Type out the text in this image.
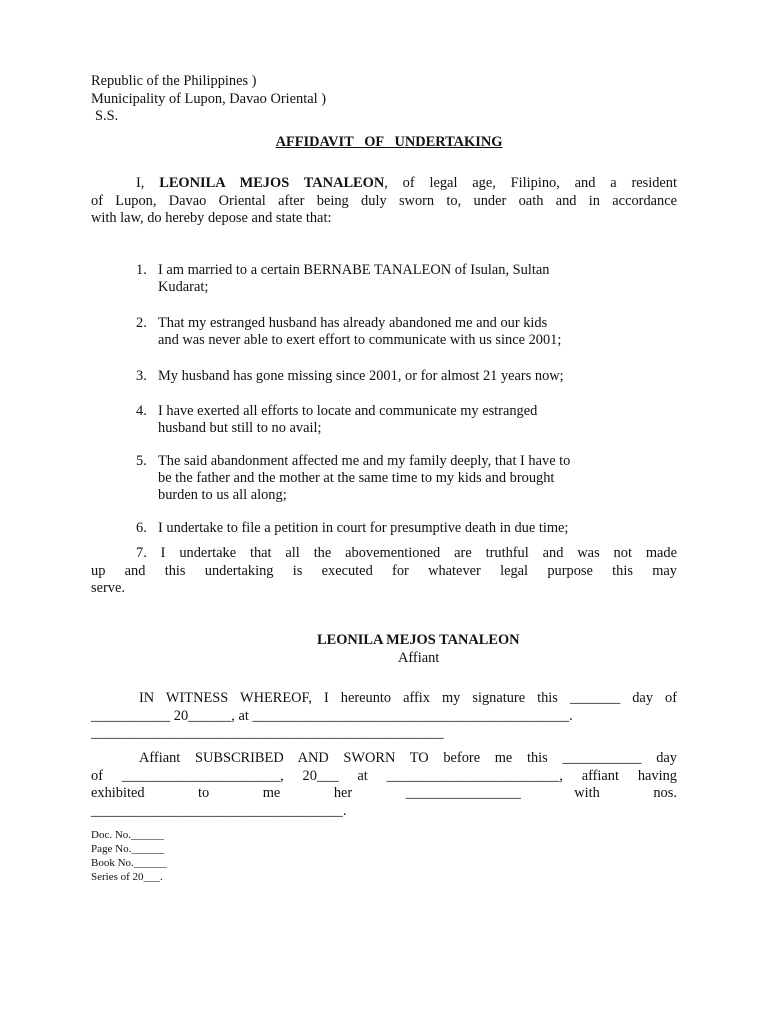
Republic of the Philippines )
Municipality of Lupon, Davao Oriental )
S.S.
AFFIDAVIT   OF   UNDERTAKING
I, LEONILA MEJOS TANALEON, of legal age, Filipino, and a resident
of Lupon, Davao Oriental after being duly sworn to, under oath and in accordance
with law, do hereby depose and state that:
1. I am married to a certain BERNABE TANALEON of Isulan, Sultan
Kudarat;
2. That my estranged husband has already abandoned me and our kids
and was never able to exert effort to communicate with us since 2001;
3. My husband has gone missing since 2001, or for almost 21 years now;
4. I have exerted all efforts to locate and communicate my estranged
husband but still to no avail;
5. The said abandonment affected me and my family deeply, that I have to
be the father and the mother at the same time to my kids and brought
burden to us all along;
6. I undertake to file a petition in court for presumptive death in due time;
7. I undertake that all the abovementioned are truthful and was not made
up and this undertaking is executed for whatever legal purpose this may
serve.
LEONILA MEJOS TANALEON
Affiant
IN WITNESS WHEREOF, I hereunto affix my signature this _______ day of
___________ 20______, at ____________________________________________.
_________________________________________________
Affiant SUBSCRIBED AND SWORN TO before me this ___________ day
of ______________________, 20___ at ________________________, affiant having
exhibited	to	me	her	________________	with	nos.
___________________________________.
Doc. No.______
Page No.______
Book No.______
Series of 20___.
